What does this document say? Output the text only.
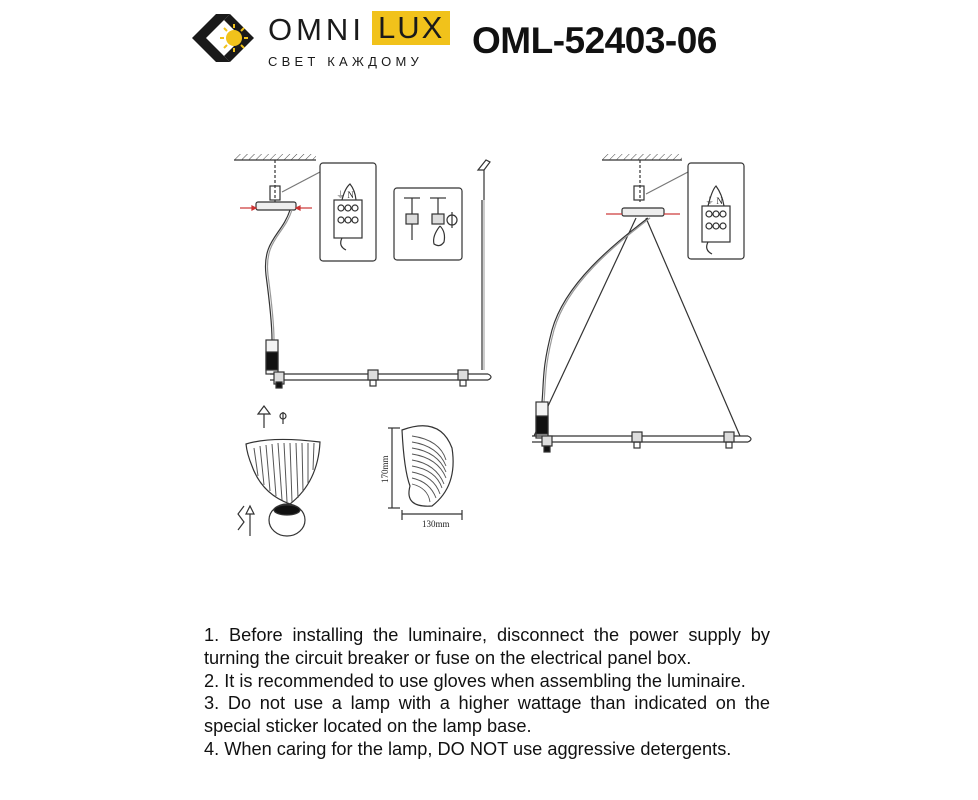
OMNI LUX
СВЕТ КАЖДОМУ
OML-52403-06
⏚ N
⏚ N
170mm
130mm
1. Before installing the luminaire, disconnect the power supply by turning the circuit breaker or fuse on the electrical panel box.
2. It is recommended to use gloves when assembling the luminaire.
3. Do not use a lamp with a higher wattage than indicated on the special sticker located on the lamp base.
4. When caring for the lamp, DO NOT use aggressive detergents.
